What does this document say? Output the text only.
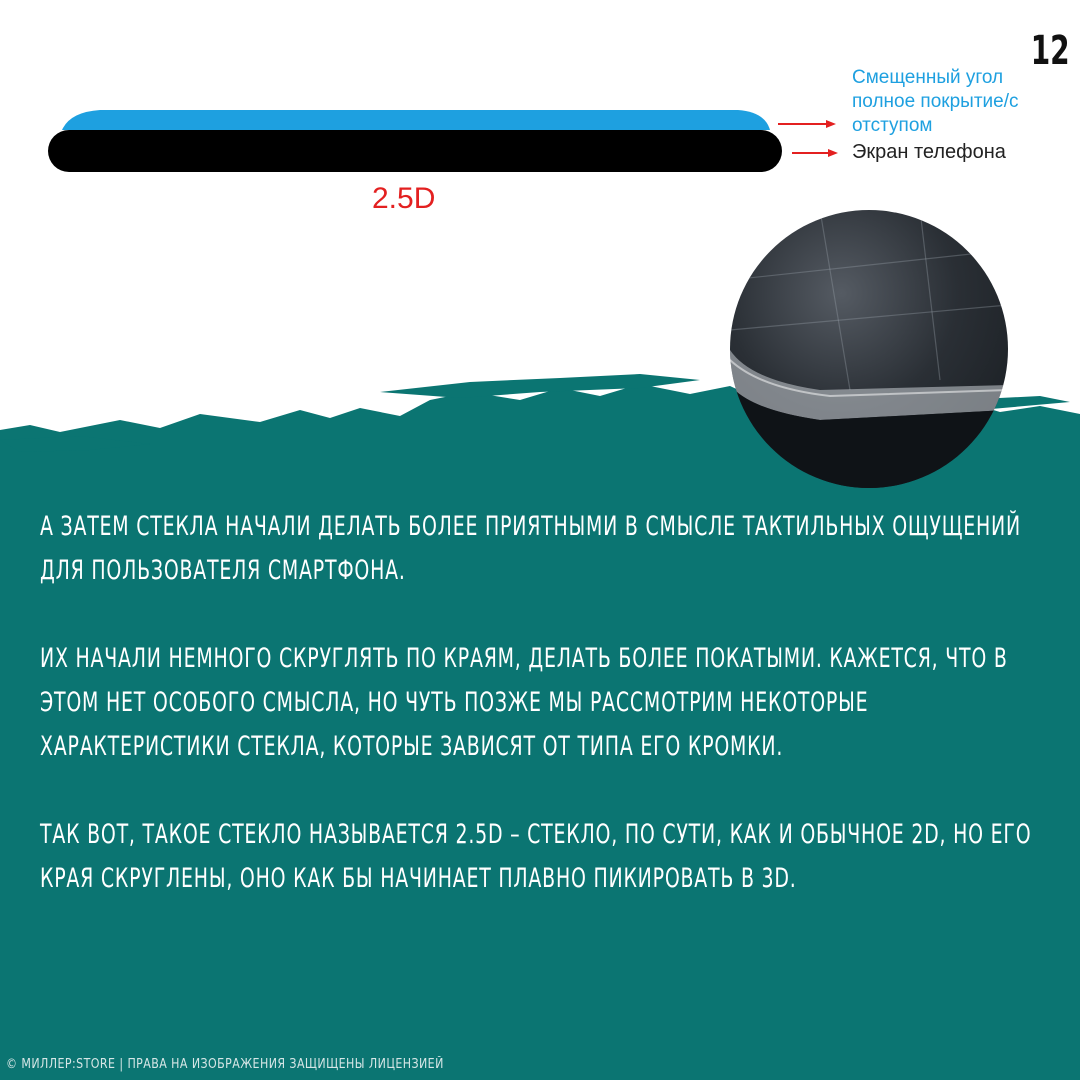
12
Смещенный угол
полное покрытие/с
отступом
Экран телефона
2.5D

А ЗАТЕМ СТЕКЛА НАЧАЛИ ДЕЛАТЬ БОЛЕЕ ПРИЯТНЫМИ В СМЫСЛЕ ТАКТИЛЬНЫХ ОЩУЩЕНИЙ ДЛЯ ПОЛЬЗОВАТЕЛЯ СМАРТФОНА.

ИХ НАЧАЛИ НЕМНОГО СКРУГЛЯТЬ ПО КРАЯМ, ДЕЛАТЬ БОЛЕЕ ПОКАТЫМИ. КАЖЕТСЯ, ЧТО В ЭТОМ НЕТ ОСОБОГО СМЫСЛА, НО ЧУТЬ ПОЗЖЕ МЫ РАССМОТРИМ НЕКОТОРЫЕ ХАРАКТЕРИСТИКИ СТЕКЛА, КОТОРЫЕ ЗАВИСЯТ ОТ ТИПА ЕГО КРОМКИ.

ТАК ВОТ, ТАКОЕ СТЕКЛО НАЗЫВАЕТСЯ 2.5D – СТЕКЛО, ПО СУТИ, КАК И ОБЫЧНОЕ 2D, НО ЕГО КРАЯ СКРУГЛЕНЫ, ОНО КАК БЫ НАЧИНАЕТ ПЛАВНО ПИКИРОВАТЬ В 3D.

© МИЛЛЕР:STORE | ПРАВА НА ИЗОБРАЖЕНИЯ ЗАЩИЩЕНЫ ЛИЦЕНЗИЕЙ
